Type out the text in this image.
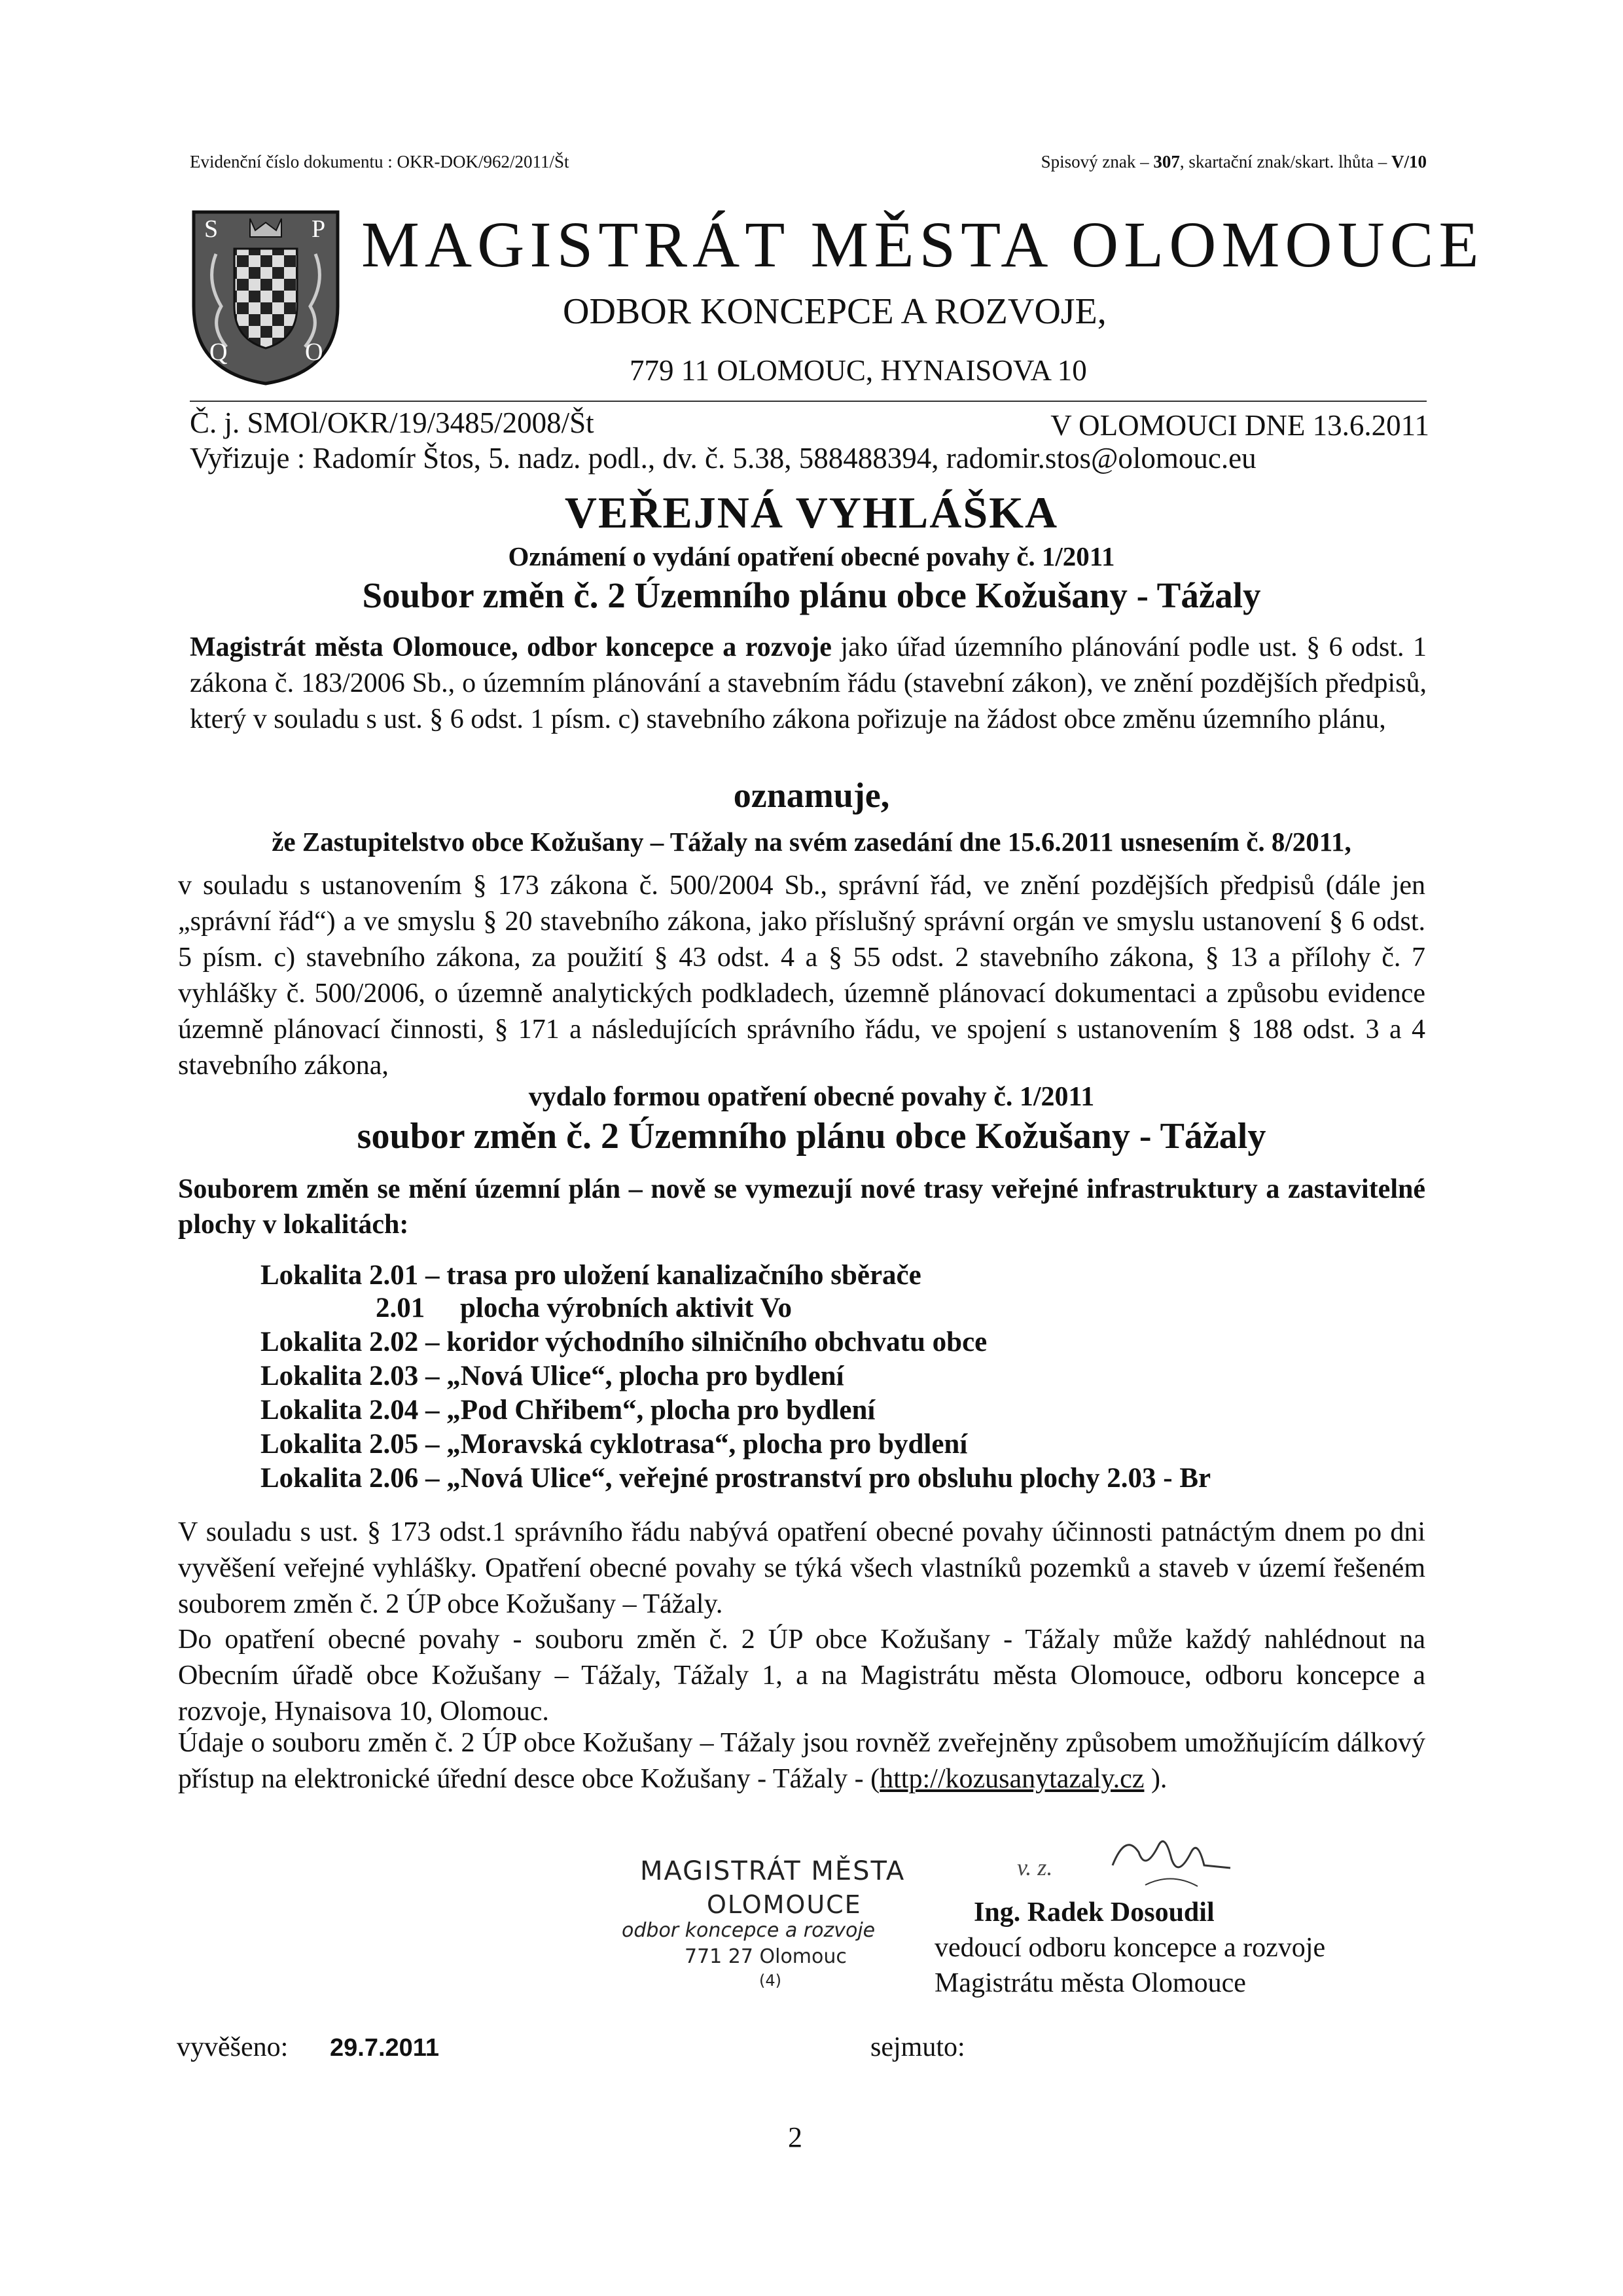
Evidenční číslo dokumentu : OKR-DOK/962/2011/Št	Spisový znak – 307, skartační znak/skart. lhůta – V/10
S	P
Q	O
MAGISTRÁT MĚSTA OLOMOUCE
ODBOR KONCEPCE A ROZVOJE,
779 11 OLOMOUC, HYNAISOVA 10
Č. j. SMOl/OKR/19/3485/2008/Št	V OLOMOUCI DNE 13.6.2011
Vyřizuje : Radomír Štos, 5. nadz. podl., dv. č. 5.38, 588488394, radomir.stos@olomouc.eu
VEŘEJNÁ VYHLÁŠKA
Oznámení o vydání opatření obecné povahy č. 1/2011
Soubor změn č. 2 Územního plánu obce Kožušany - Tážaly
Magistrát města Olomouce, odbor koncepce a rozvoje jako úřad územního plánování podle ust. § 6 odst. 1 zákona č. 183/2006 Sb., o územním plánování a stavebním řádu (stavební zákon), ve znění pozdějších předpisů, který v souladu s ust. § 6 odst. 1 písm. c) stavebního zákona pořizuje na žádost obce změnu územního plánu,
oznamuje,
že Zastupitelstvo obce Kožušany – Tážaly na svém zasedání dne 15.6.2011 usnesením č. 8/2011,
v souladu s ustanovením § 173 zákona č. 500/2004 Sb., správní řád, ve znění pozdějších předpisů (dále jen „správní řád“) a ve smyslu § 20 stavebního zákona, jako příslušný správní orgán ve smyslu ustanovení § 6 odst. 5 písm. c) stavebního zákona, za použití § 43 odst. 4 a § 55 odst. 2 stavebního zákona, § 13 a přílohy č. 7 vyhlášky č. 500/2006, o územně analytických podkladech, územně plánovací dokumentaci a způsobu evidence územně plánovací činnosti, § 171 a následujících správního řádu, ve spojení s ustanovením § 188 odst. 3 a 4 stavebního zákona,
vydalo formou opatření obecné povahy č. 1/2011
soubor změn č. 2 Územního plánu obce Kožušany - Tážaly
Souborem změn se mění územní plán – nově se vymezují nové trasy veřejné infrastruktury a zastavitelné plochy v lokalitách:
Lokalita 2.01 – trasa pro uložení kanalizačního sběrače
2.01     plocha výrobních aktivit Vo
Lokalita 2.02 – koridor východního silničního obchvatu obce
Lokalita 2.03 – „Nová Ulice“, plocha pro bydlení
Lokalita 2.04 – „Pod Chřibem“, plocha pro bydlení
Lokalita 2.05 – „Moravská cyklotrasa“, plocha pro bydlení
Lokalita 2.06 – „Nová Ulice“, veřejné prostranství pro obsluhu plochy 2.03 - Br
V souladu s ust. § 173 odst.1 správního řádu nabývá opatření obecné povahy účinnosti patnáctým dnem po dni vyvěšení veřejné vyhlášky. Opatření obecné povahy se týká všech vlastníků pozemků a staveb v území řešeném souborem změn č. 2 ÚP obce Kožušany – Tážaly.
Do opatření obecné povahy - souboru změn č. 2 ÚP obce Kožušany - Tážaly může každý nahlédnout na Obecním úřadě obce Kožušany – Tážaly, Tážaly 1, a na Magistrátu města Olomouce, odboru koncepce a rozvoje, Hynaisova 10, Olomouc.
Údaje o souboru změn č. 2 ÚP obce Kožušany – Tážaly jsou rovněž zveřejněny způsobem umožňujícím dálkový přístup na elektronické úřední desce obce Kožušany - Tážaly - (http://kozusanytazaly.cz ).
MAGISTRÁT MĚSTA
OLOMOUCE
odbor koncepce a rozvoje
771 27 Olomouc
(4)
v. z.
Ing. Radek Dosoudil
vedoucí odboru koncepce a rozvoje
Magistrátu města Olomouce
vyvěšeno: 29.7.2011	sejmuto:
2
